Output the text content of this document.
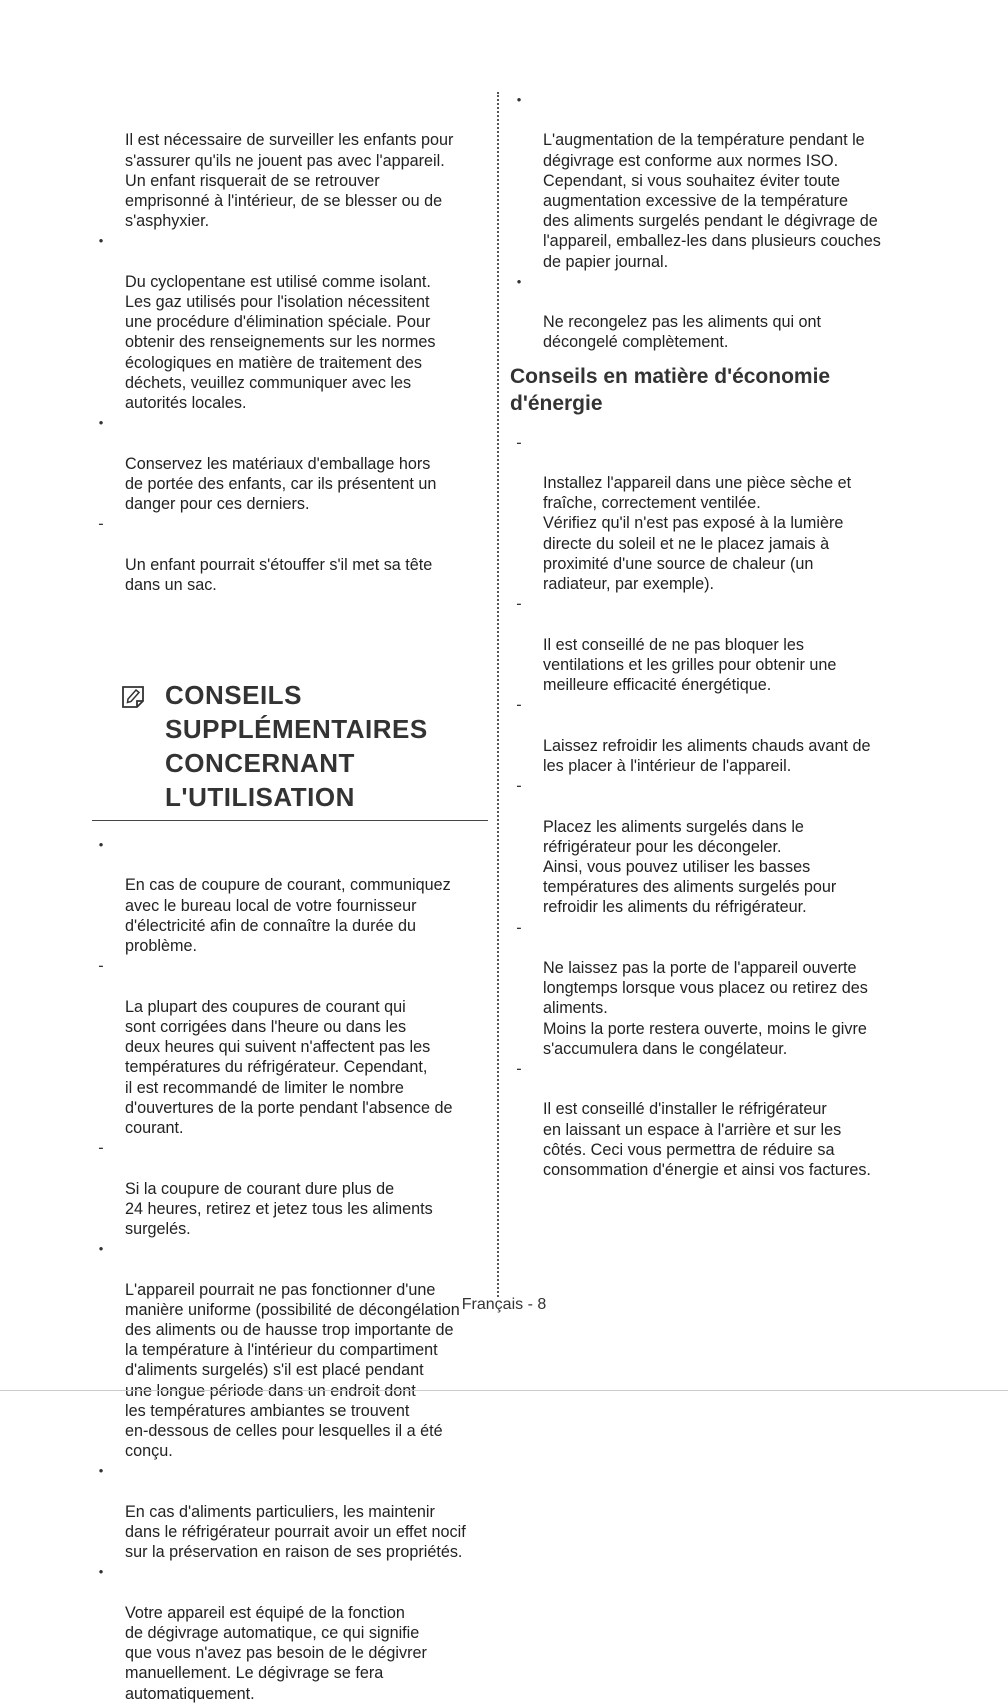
Il est nécessaire de surveiller les enfants pour
s'assurer qu'ils ne jouent pas avec l'appareil.
Un enfant risquerait de se retrouver
emprisonné à l'intérieur, de se blesser ou de
s'asphyxier.

•

Du cyclopentane est utilisé comme isolant.
Les gaz utilisés pour l'isolation nécessitent
une procédure d'élimination spéciale. Pour
obtenir des renseignements sur les normes
écologiques en matière de traitement des
déchets, veuillez communiquer avec les
autorités locales.

•

Conservez les matériaux d'emballage hors
de portée des enfants, car ils présentent un
danger pour ces derniers.

-

Un enfant pourrait s'étouffer s'il met sa tête
dans un sac.

CONSEILS
SUPPLÉMENTAIRES
CONCERNANT
L'UTILISATION

•

En cas de coupure de courant, communiquez
avec le bureau local de votre fournisseur
d'électricité afin de connaître la durée du
problème.

-

La plupart des coupures de courant qui
sont corrigées dans l'heure ou dans les
deux heures qui suivent n'affectent pas les
températures du réfrigérateur. Cependant,
il est recommandé de limiter le nombre
d'ouvertures de la porte pendant l'absence de
courant.

-

Si la coupure de courant dure plus de
24 heures, retirez et jetez tous les aliments
surgelés.

•

L'appareil pourrait ne pas fonctionner d'une
manière uniforme (possibilité de décongélation
des aliments ou de hausse trop importante de
la température à l'intérieur du compartiment
d'aliments surgelés) s'il est placé pendant
une longue période dans un endroit dont
les températures ambiantes se trouvent
en-dessous de celles pour lesquelles il a été
conçu.

•

En cas d'aliments particuliers, les maintenir
dans le réfrigérateur pourrait avoir un effet nocif
sur la préservation en raison de ses propriétés.

•

Votre appareil est équipé de la fonction
de dégivrage automatique, ce qui signifie
que vous n'avez pas besoin de le dégivrer
manuellement. Le dégivrage se fera
automatiquement.

•

L'augmentation de la température pendant le
dégivrage est conforme aux normes ISO.
Cependant, si vous souhaitez éviter toute
augmentation excessive de la température
des aliments surgelés pendant le dégivrage de
l'appareil, emballez-les dans plusieurs couches
de papier journal.

•

Ne recongelez pas les aliments qui ont
décongelé complètement.

Conseils en matière d'économie
d'énergie

-

Installez l'appareil dans une pièce sèche et
fraîche, correctement ventilée.
Vérifiez qu'il n'est pas exposé à la lumière
directe du soleil et ne le placez jamais à
proximité d'une source de chaleur (un
radiateur, par exemple).

-

Il est conseillé de ne pas bloquer les
ventilations et les grilles pour obtenir une
meilleure efficacité énergétique.

-

Laissez refroidir les aliments chauds avant de
les placer à l'intérieur de l'appareil.

-

Placez les aliments surgelés dans le
réfrigérateur pour les décongeler.
Ainsi, vous pouvez utiliser les basses
températures des aliments surgelés pour
refroidir les aliments du réfrigérateur.

-

Ne laissez pas la porte de l'appareil ouverte
longtemps lorsque vous placez ou retirez des
aliments.
Moins la porte restera ouverte, moins le givre
s'accumulera dans le congélateur.

-

Il est conseillé d'installer le réfrigérateur
en laissant un espace à l'arrière et sur les
côtés. Ceci vous permettra de réduire sa
consommation d'énergie et ainsi vos factures.

Français - 8
